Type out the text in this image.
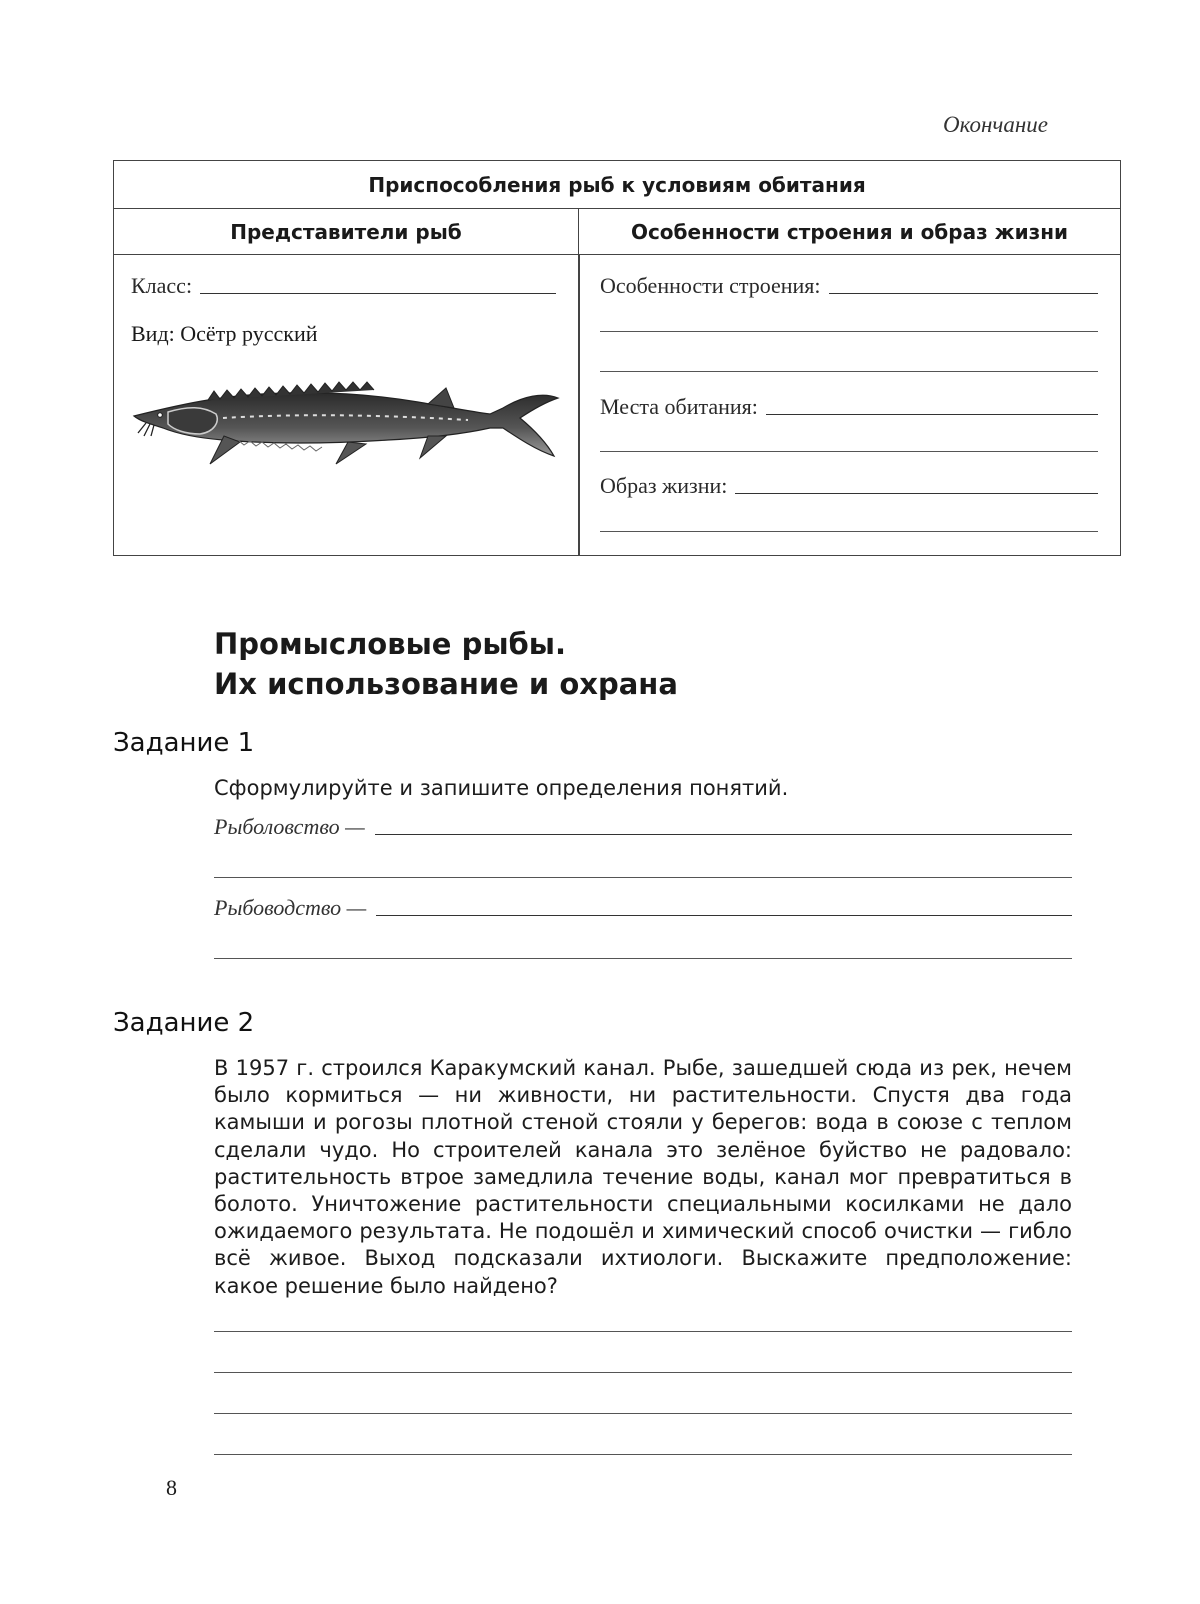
Окончание
Приспособления рыб к условиям обитания
Представители рыб	Особенности строения и образ жизни
Класс:
Вид: Осётр русский
Особенности строения:
Места обитания:
Образ жизни:
Промысловые рыбы.
Их использование и охрана
Задание 1
Сформулируйте и запишите определения понятий.
Рыболовство —
Рыбоводство —
Задание 2
В 1957 г. строился Каракумский канал. Рыбе, зашедшей сюда из рек, нечем было кормиться — ни живности, ни растительности. Спустя два года камыши и рогозы плотной стеной стояли у берегов: вода в союзе с теплом сделали чудо. Но строителей канала это зелёное буйство не радовало: растительность втрое замедлила течение воды, канал мог превратиться в болото. Уничтожение растительности специальными косилками не дало ожидаемого результата. Не подошёл и химический способ очистки — гибло всё живое. Выход подсказали ихтиологи. Выскажите предположение: какое решение было найдено?
8
